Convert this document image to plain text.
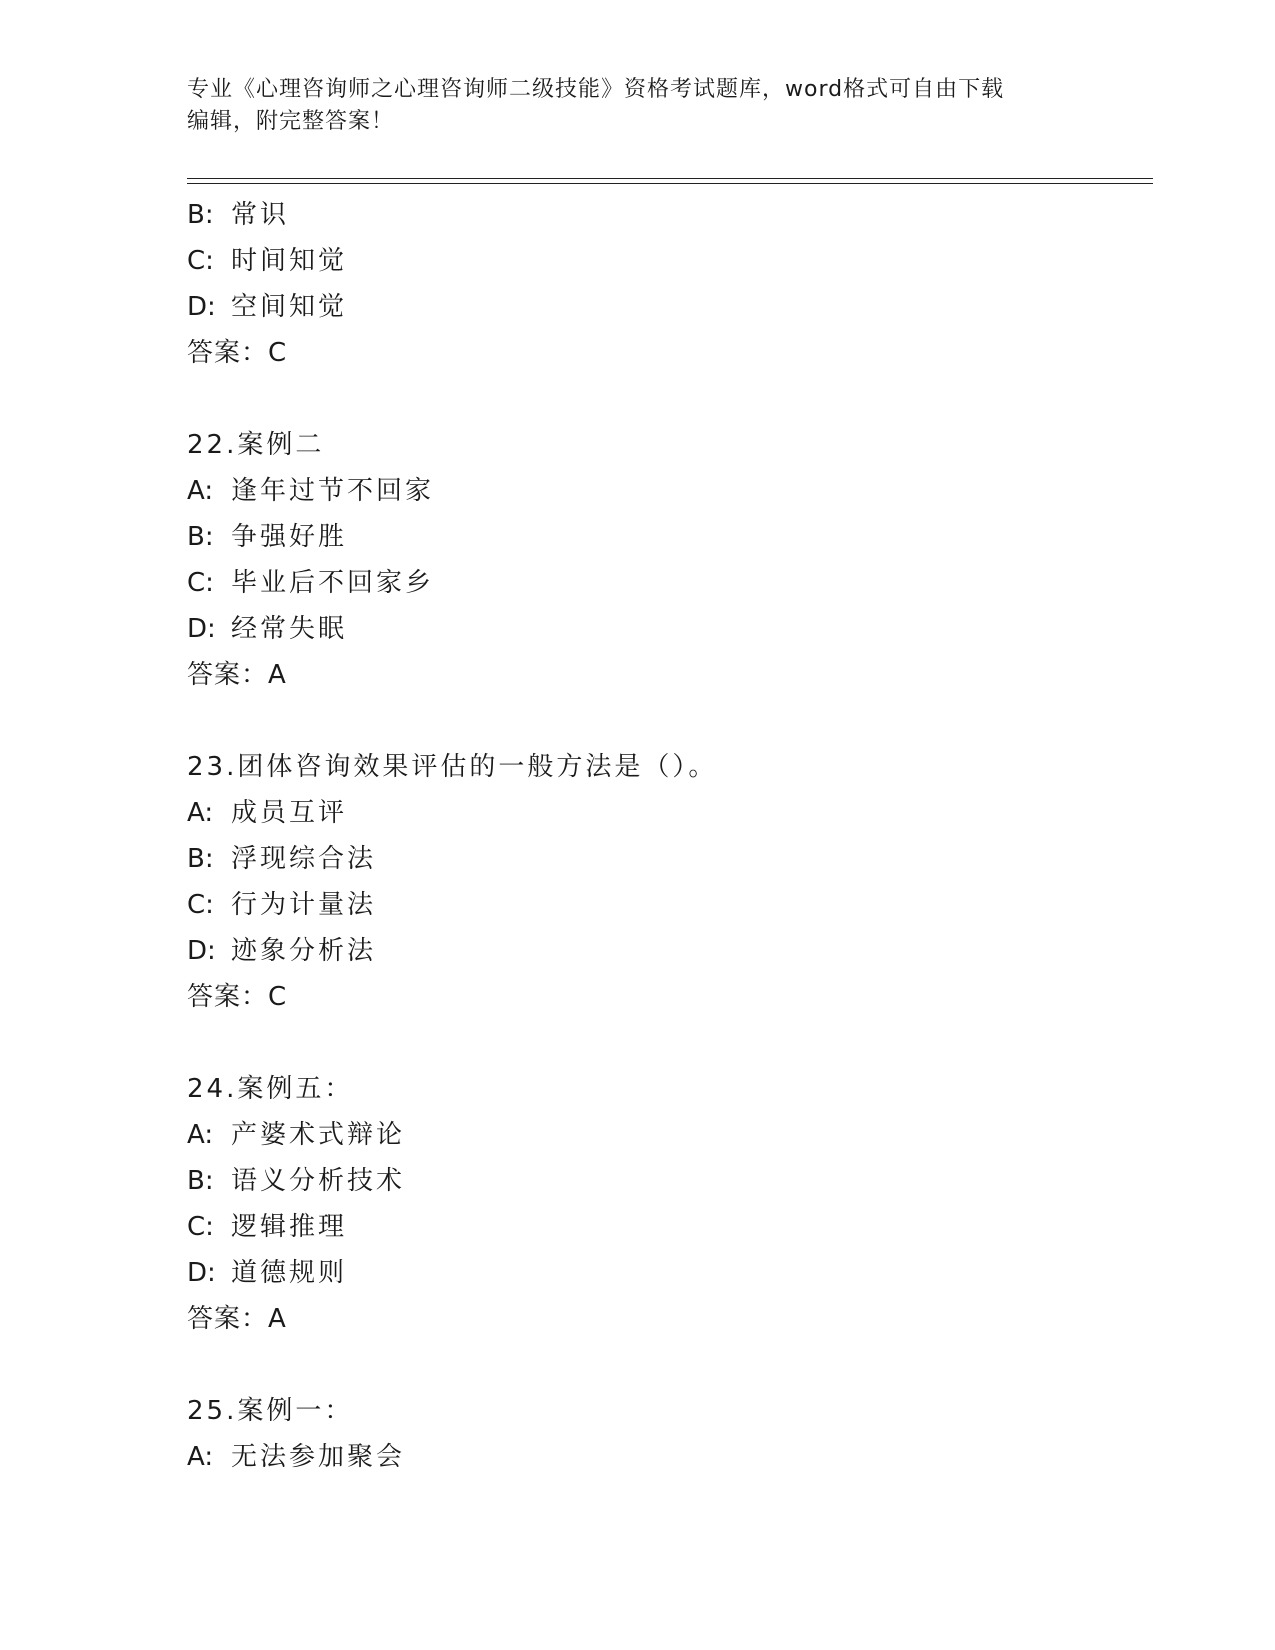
专业《心理咨询师之心理咨询师二级技能》资格考试题库，word格式可自由下载

编辑，附完整答案！

B: 常识
C: 时间知觉
D: 空间知觉
答案：C
22.案例二
A: 逢年过节不回家
B: 争强好胜
C: 毕业后不回家乡
D: 经常失眠
答案：A
23.团体咨询效果评估的一般方法是（）。
A: 成员互评
B: 浮现综合法
C: 行为计量法
D: 迹象分析法
答案：C
24.案例五：
A: 产婆术式辩论
B: 语义分析技术
C: 逻辑推理
D: 道德规则
答案：A
25.案例一：
A: 无法参加聚会
